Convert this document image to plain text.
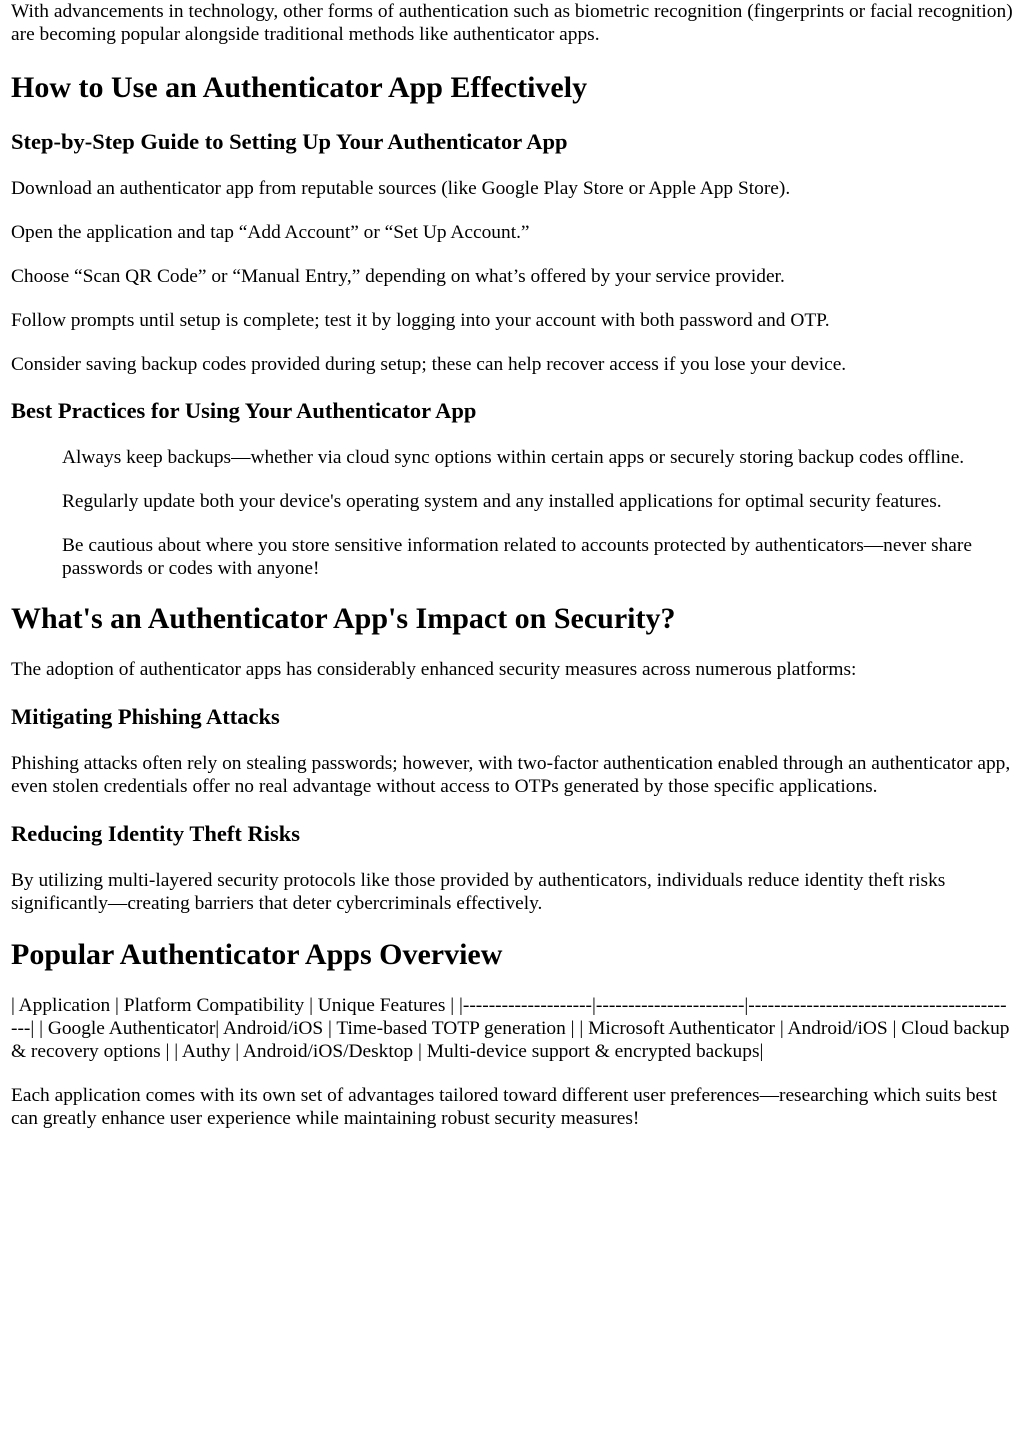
With advancements in technology, other forms of authentication such as biometric recognition (fingerprints or facial recognition) are becoming popular alongside traditional methods like authenticator apps.

How to Use an Authenticator App Effectively
Step-by-Step Guide to Setting Up Your Authenticator App

Download an authenticator app from reputable sources (like Google Play Store or Apple App Store).

Open the application and tap “Add Account” or “Set Up Account.”

Choose “Scan QR Code” or “Manual Entry,” depending on what’s offered by your service provider.

Follow prompts until setup is complete; test it by logging into your account with both password and OTP.

Consider saving backup codes provided during setup; these can help recover access if you lose your device.

Best Practices for Using Your Authenticator App

Always keep backups—whether via cloud sync options within certain apps or securely storing backup codes offline.

Regularly update both your device's operating system and any installed applications for optimal security features.

Be cautious about where you store sensitive information related to accounts protected by authenticators—never share passwords or codes with anyone!

What's an Authenticator App's Impact on Security?

The adoption of authenticator apps has considerably enhanced security measures across numerous platforms:

Mitigating Phishing Attacks

Phishing attacks often rely on stealing passwords; however, with two-factor authentication enabled through an authenticator app, even stolen credentials offer no real advantage without access to OTPs generated by those specific applications.

Reducing Identity Theft Risks

By utilizing multi-layered security protocols like those provided by authenticators, individuals reduce identity theft risks significantly—creating barriers that deter cybercriminals effectively.

Popular Authenticator Apps Overview

| Application | Platform Compatibility | Unique Features | |--------------------|-----------------------|-------------------------------------------| | Google Authenticator| Android/iOS | Time-based TOTP generation | | Microsoft Authenticator | Android/iOS | Cloud backup & recovery options | | Authy | Android/iOS/Desktop | Multi-device support & encrypted backups|

Each application comes with its own set of advantages tailored toward different user preferences—researching which suits best can greatly enhance user experience while maintaining robust security measures!
